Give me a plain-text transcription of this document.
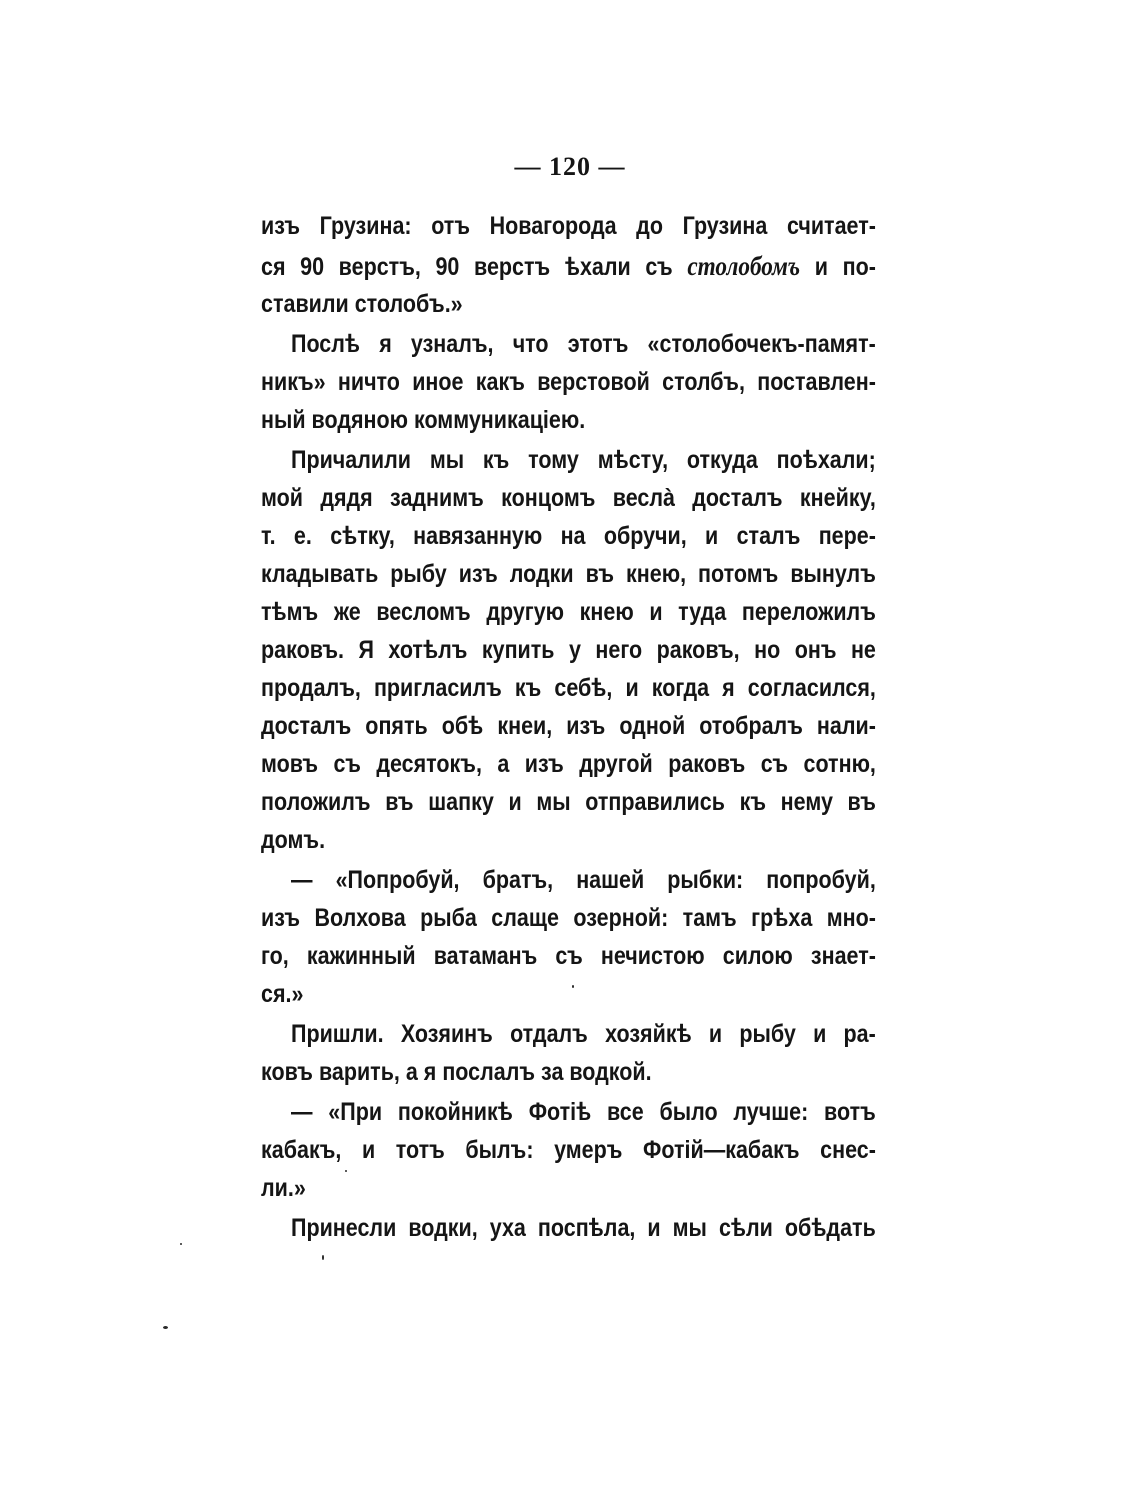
— 120 —
изъ Грузина: отъ Новагорода до Грузина считает-
ся 90 верстъ, 90 верстъ ѣхали съ столобомъ и по-
ставили столобъ.»
Послѣ я узналъ, что этотъ «столобочекъ-памят-
никъ» ничто иное какъ верстовой столбъ, поставлен-
ный водяною коммуникаціею.
Причалили мы къ тому мѣсту, откуда поѣхали;
мой дядя заднимъ концомъ веслà досталъ кнейку,
т. е. сѣтку, навязанную на обручи, и сталъ пере-
кладывать рыбу изъ лодки въ кнею, потомъ вынулъ
тѣмъ же весломъ другую кнею и туда переложилъ
раковъ. Я хотѣлъ купить у него раковъ, но онъ не
продалъ, пригласилъ къ себѣ, и когда я согласился,
досталъ опять обѣ кнеи, изъ одной отобралъ нали-
мовъ съ десятокъ, а изъ другой раковъ съ сотню,
положилъ въ шапку и мы отправились къ нему въ
домъ.
— «Попробуй, братъ, нашей рыбки: попробуй,
изъ Волхова рыба слаще озерной: тамъ грѣха мно-
го, кажинный ватаманъ съ нечистою силою знает-
ся.»
Пришли. Хозяинъ отдалъ хозяйкѣ и рыбу и ра-
ковъ варить, а я послалъ за водкой.
— «При покойникѣ Фотіѣ все было лучше: вотъ
кабакъ, и тотъ былъ: умеръ Фотій—кабакъ снес-
ли.»
Принесли водки, уха поспѣла, и мы сѣли обѣдать
